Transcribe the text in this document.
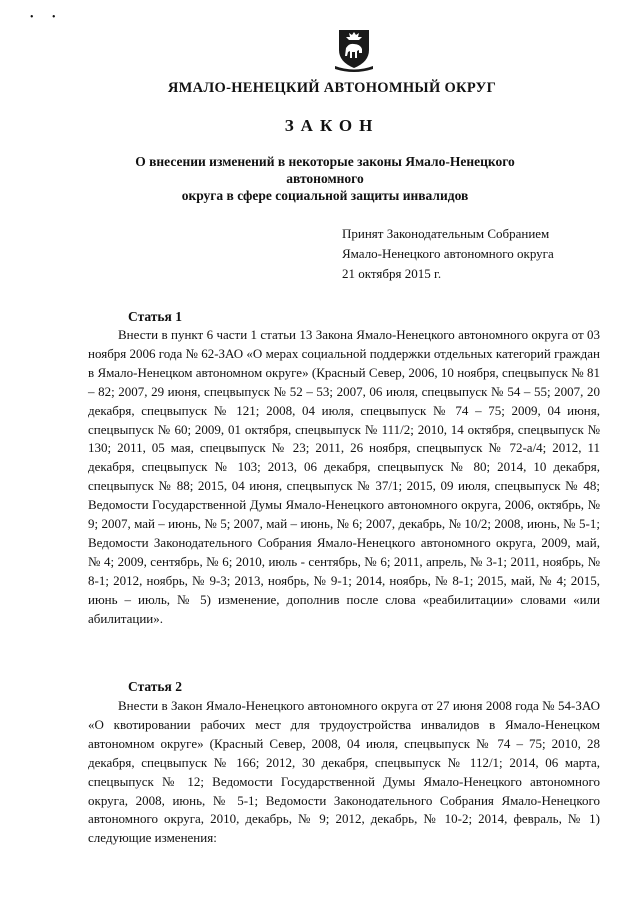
• •
ЯМАЛО-НЕНЕЦКИЙ АВТОНОМНЫЙ ОКРУГ
ЗАКОН
О внесении изменений в некоторые законы Ямало-Ненецкого автономного
округа в сфере социальной защиты инвалидов
Принят Законодательным Собранием
Ямало-Ненецкого автономного округа
21 октября 2015 г.
Статья 1

Внести в пункт 6 части 1 статьи 13 Закона Ямало-Ненецкого автономного округа от 03 ноября 2006 года № 62-ЗАО «О мерах социальной поддержки отдельных категорий граждан в Ямало-Ненецком автономном округе» (Красный Север, 2006, 10 ноября, спецвыпуск № 81 – 82; 2007, 29 июня, спецвыпуск № 52 – 53; 2007, 06 июля, спецвыпуск № 54 – 55; 2007, 20 декабря, спецвыпуск № 121; 2008, 04 июля, спецвыпуск № 74 – 75; 2009, 04 июня, спецвыпуск № 60; 2009, 01 октября, спецвыпуск № 111/2; 2010, 14 октября, спецвыпуск № 130; 2011, 05 мая, спецвыпуск № 23; 2011, 26 ноября, спецвыпуск № 72-а/4; 2012, 11 декабря, спецвыпуск № 103; 2013, 06 декабря, спецвыпуск № 80; 2014, 10 декабря, спецвыпуск № 88; 2015, 04 июня, спецвыпуск № 37/1; 2015, 09 июля, спецвыпуск № 48; Ведомости Государственной Думы Ямало-Ненецкого автономного округа, 2006, октябрь, № 9; 2007, май – июнь, № 5; 2007, май – июнь, № 6; 2007, декабрь, № 10/2; 2008, июнь, № 5-1; Ведомости Законодательного Собрания Ямало-Ненецкого автономного округа, 2009, май, № 4; 2009, сентябрь, № 6; 2010, июль - сентябрь, № 6; 2011, апрель, № 3-1; 2011, ноябрь, № 8-1; 2012, ноябрь, № 9-3; 2013, ноябрь, № 9-1; 2014, ноябрь, № 8-1; 2015, май, № 4; 2015, июнь – июль, № 5) изменение, дополнив после слова «реабилитации» словами «или абилитации».

Статья 2

Внести в Закон Ямало-Ненецкого автономного округа от 27 июня 2008 года № 54-ЗАО «О квотировании рабочих мест для трудоустройства инвалидов в Ямало-Ненецком автономном округе» (Красный Север, 2008, 04 июля, спецвыпуск № 74 – 75; 2010, 28 декабря, спецвыпуск № 166; 2012, 30 декабря, спецвыпуск № 112/1; 2014, 06 марта, спецвыпуск № 12; Ведомости Государственной Думы Ямало-Ненецкого автономного округа, 2008, июнь, № 5-1; Ведомости Законодательного Собрания Ямало-Ненецкого автономного округа, 2010, декабрь, № 9; 2012, декабрь, № 10-2; 2014, февраль, № 1) следующие изменения:
